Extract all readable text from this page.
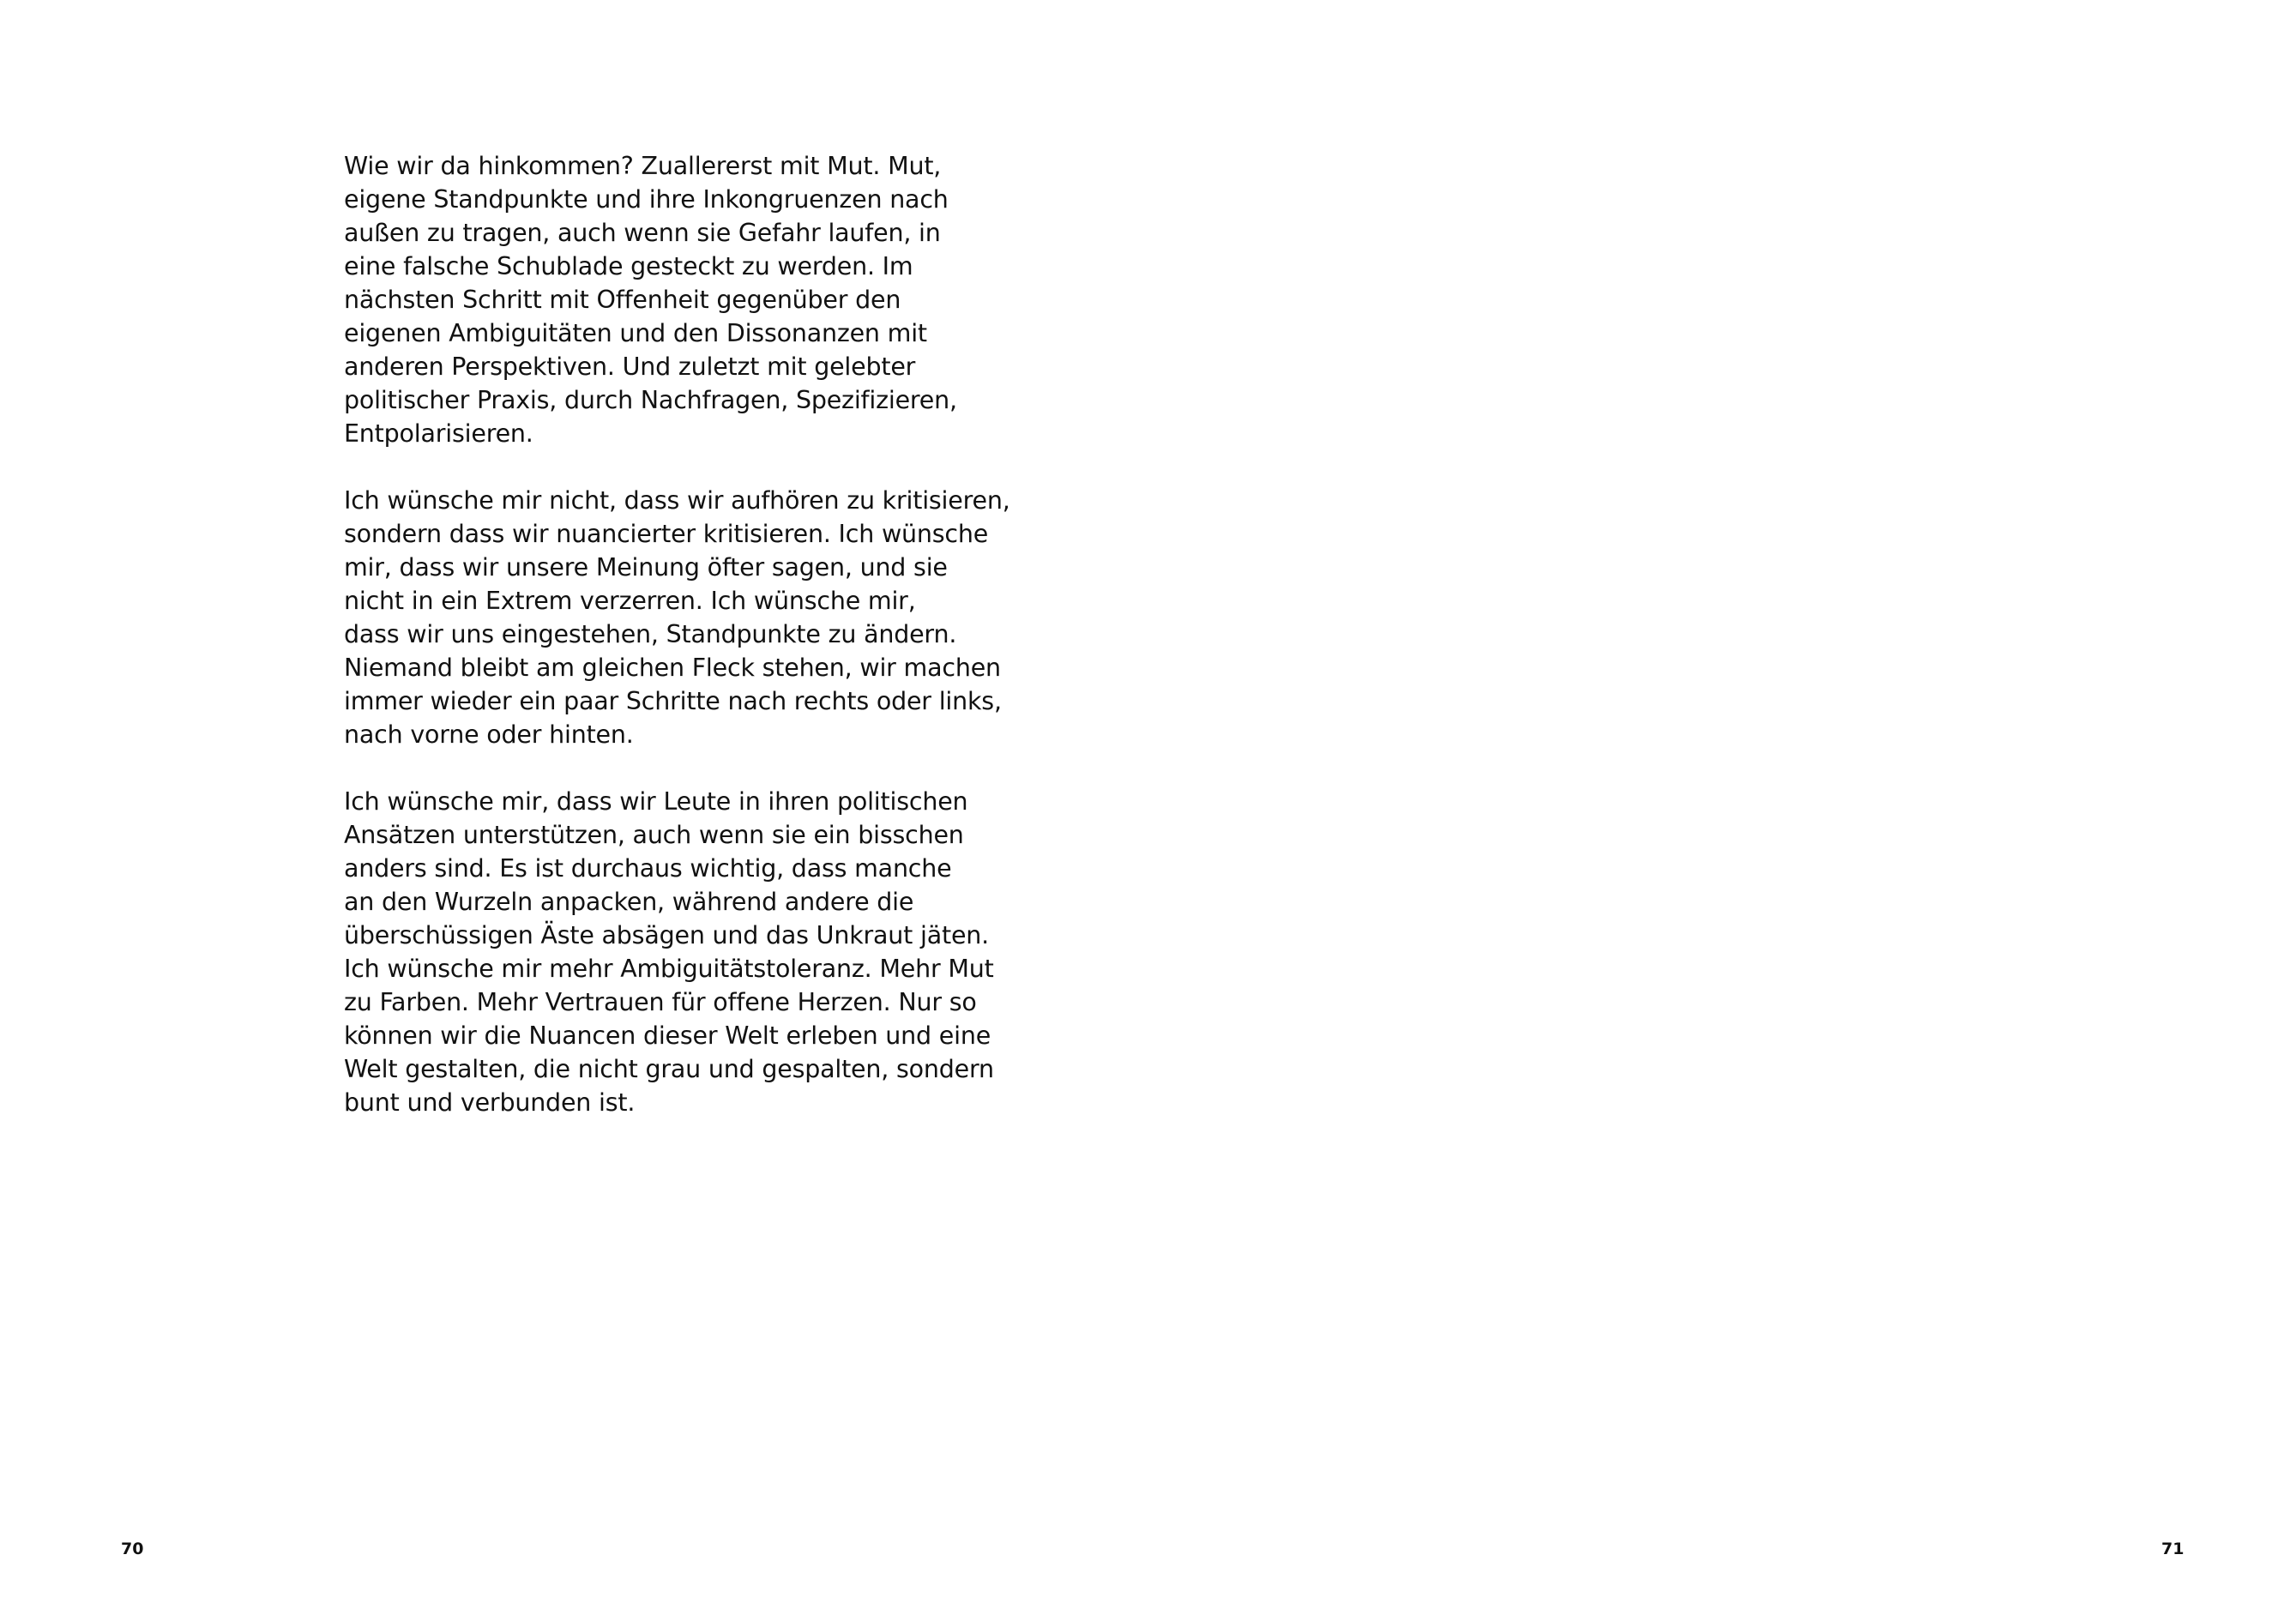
Wie wir da hinkommen? Zuallererst mit Mut. Mut,
eigene Standpunkte und ihre Inkongruenzen nach
außen zu tragen, auch wenn sie Gefahr laufen, in
eine falsche Schublade gesteckt zu werden. Im
nächsten Schritt mit Offenheit gegenüber den
eigenen Ambiguitäten und den Dissonanzen mit
anderen Perspektiven. Und zuletzt mit gelebter
politischer Praxis, durch Nachfragen, Spezifizieren,
Entpolarisieren.

Ich wünsche mir nicht, dass wir aufhören zu kritisieren,
sondern dass wir nuancierter kritisieren. Ich wünsche
mir, dass wir unsere Meinung öfter sagen, und sie
nicht in ein Extrem verzerren. Ich wünsche mir,
dass wir uns eingestehen, Standpunkte zu ändern.
Niemand bleibt am gleichen Fleck stehen, wir machen
immer wieder ein paar Schritte nach rechts oder links,
nach vorne oder hinten.

Ich wünsche mir, dass wir Leute in ihren politischen
Ansätzen unterstützen, auch wenn sie ein bisschen
anders sind. Es ist durchaus wichtig, dass manche
an den Wurzeln anpacken, während andere die
überschüssigen Äste absägen und das Unkraut jäten.
Ich wünsche mir mehr Ambiguitätstoleranz. Mehr Mut
zu Farben. Mehr Vertrauen für offene Herzen. Nur so
können wir die Nuancen dieser Welt erleben und eine
Welt gestalten, die nicht grau und gespalten, sondern
bunt und verbunden ist.

70	71
